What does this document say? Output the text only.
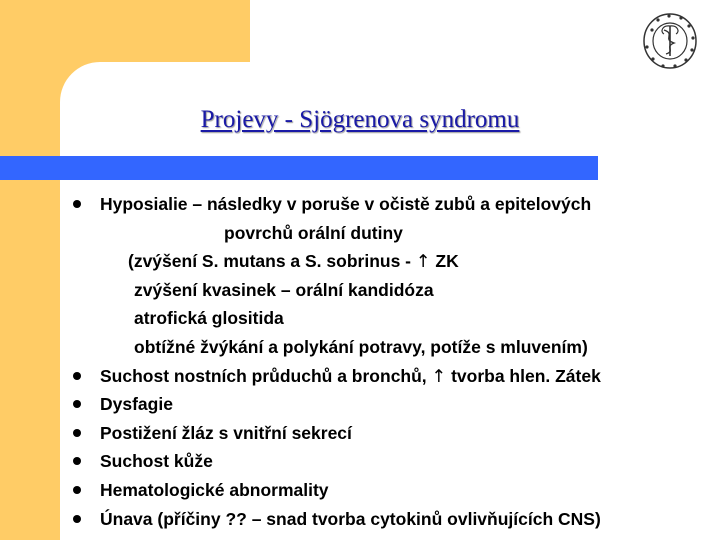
Projevy - Sjögrenova syndromu
Hyposialie – následky v poruše v očistě zubů a epitelových
povrchů orální dutiny
(zvýšení S. mutans a S. sobrinus - ↑ ZK
zvýšení kvasinek – orální kandidóza
atrofická glositida
obtížné žvýkání a polykání potravy, potíže s mluvením)
Suchost nostních průduchů a bronchů, ↑ tvorba hlen. Zátek
Dysfagie
Postižení žláz s vnitřní sekrecí
Suchost kůže
Hematologické abnormality
Únava (příčiny ?? – snad tvorba cytokinů ovlivňujících CNS)
